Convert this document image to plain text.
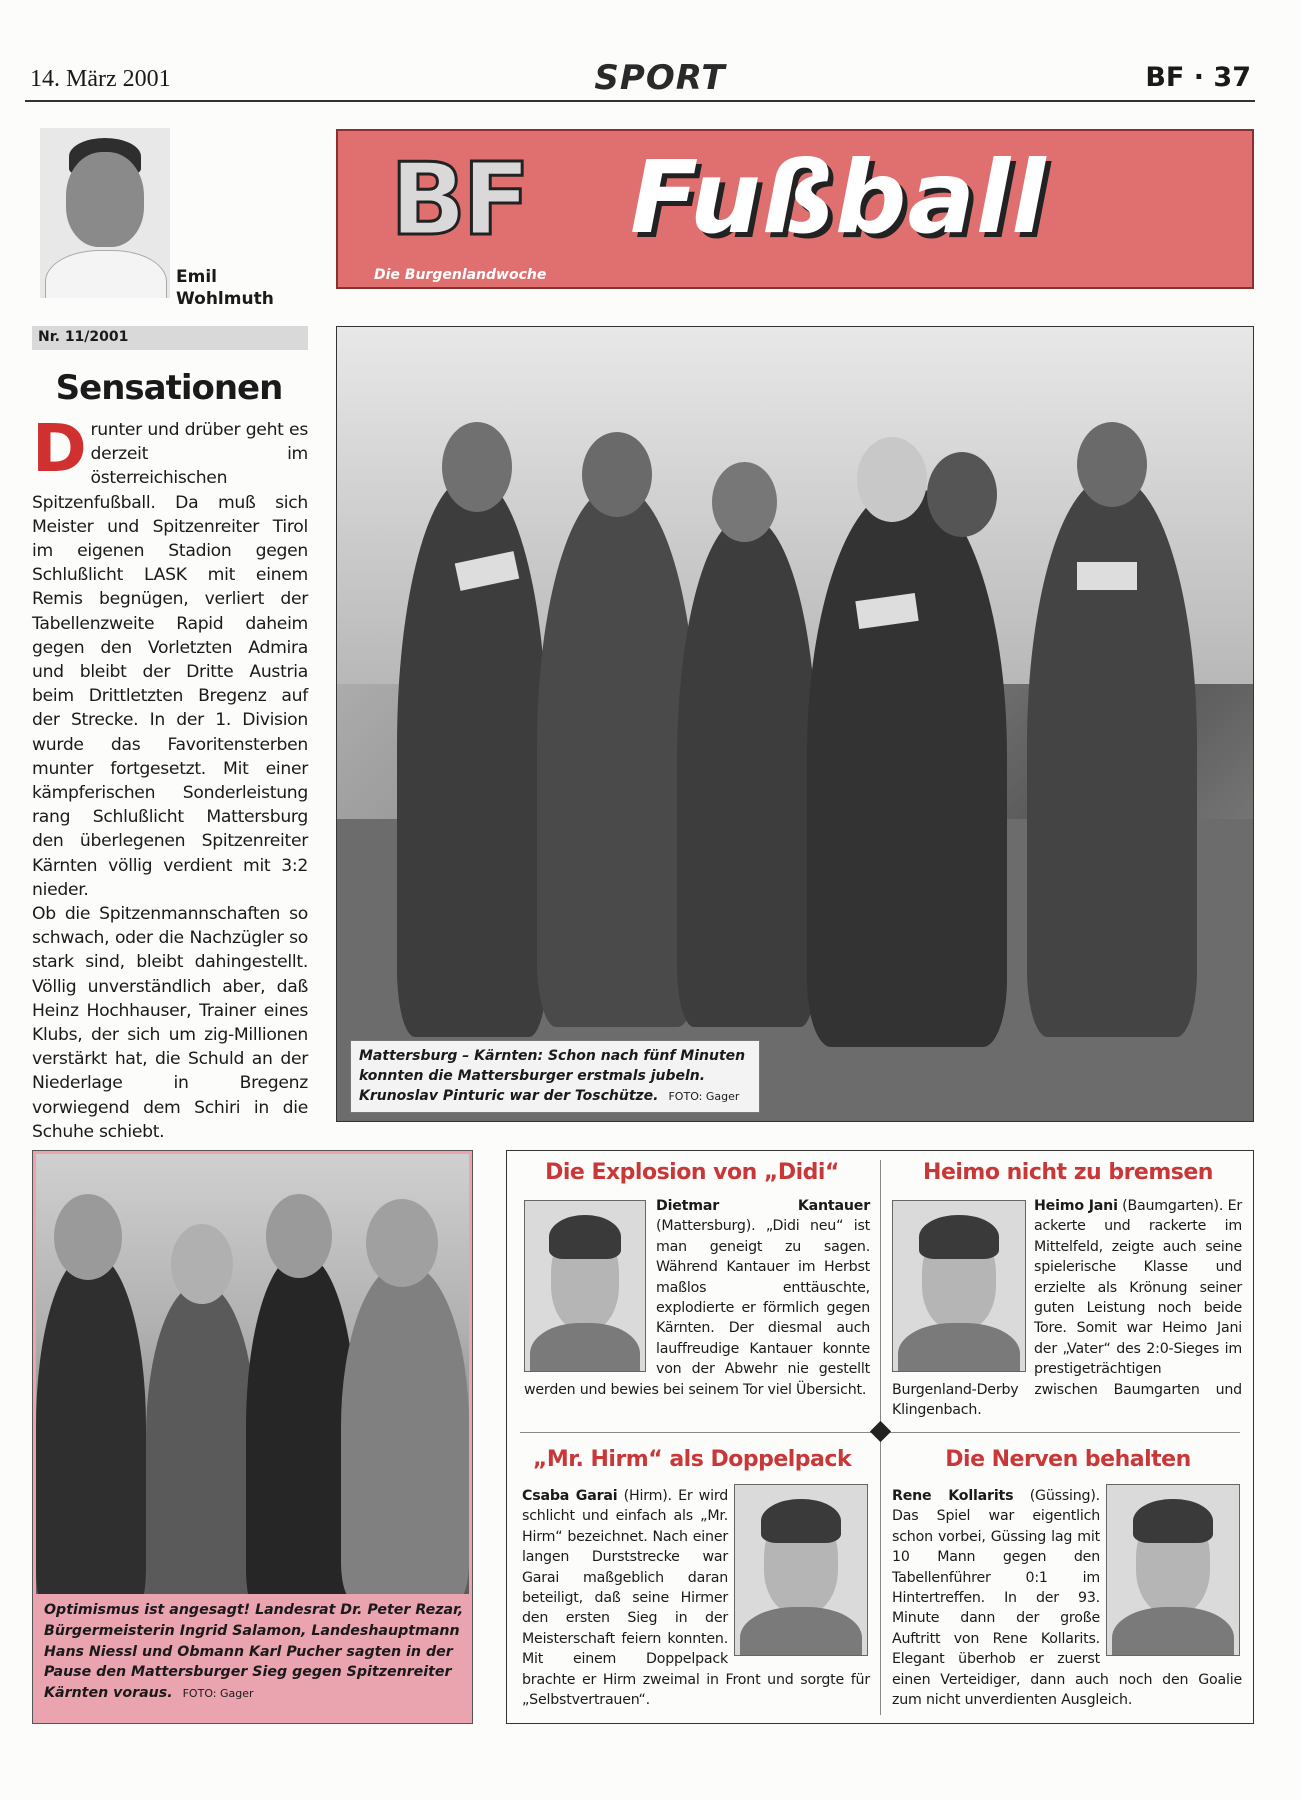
14. März 2001	SPORT	BF · 37
Emil
Wohlmuth
Nr. 11/2001
BF	Fußball
Die Burgenlandwoche
Sensationen
Drunter und drüber geht es derzeit im österreichischen Spitzenfußball. Da muß sich Meister und Spitzenreiter Tirol im eigenen Stadion gegen Schlußlicht LASK mit einem Remis begnügen, verliert der Tabellenzweite Rapid daheim gegen den Vorletzten Admira und bleibt der Dritte Austria beim Drittletzten Bregenz auf der Strecke. In der 1. Division wurde das Favoritensterben munter fortgesetzt. Mit einer kämpferischen Sonderleistung rang Schlußlicht Mattersburg den überlegenen Spitzenreiter Kärnten völlig verdient mit 3:2 nieder.
Ob die Spitzenmannschaften so schwach, oder die Nachzügler so stark sind, bleibt dahingestellt. Völlig unverständlich aber, daß Heinz Hochhauser, Trainer eines Klubs, der sich um zig-Millionen verstärkt hat, die Schuld an der Niederlage in Bregenz vorwiegend dem Schiri in die Schuhe schiebt.
Mattersburg – Kärnten: Schon nach fünf Minuten konnten die Mattersburger erstmals jubeln. Krunoslav Pinturic war der Toschütze. FOTO: Gager
Optimismus ist angesagt! Landesrat Dr. Peter Rezar, Bürgermeisterin Ingrid Salamon, Landeshauptmann Hans Niessl und Obmann Karl Pucher sagten in der Pause den Mattersburger Sieg gegen Spitzenreiter Kärnten voraus. FOTO: Gager
Die Explosion von „Didi“
Dietmar Kantauer (Mattersburg). „Didi neu“ ist man geneigt zu sagen. Während Kantauer im Herbst maßlos enttäuschte, explodierte er förmlich gegen Kärnten. Der diesmal auch lauffreudige Kantauer konnte von der Abwehr nie gestellt werden und bewies bei seinem Tor viel Übersicht.
Heimo nicht zu bremsen
Heimo Jani (Baumgarten). Er ackerte und rackerte im Mittelfeld, zeigte auch seine spielerische Klasse und erzielte als Krönung seiner guten Leistung noch beide Tore. Somit war Heimo Jani der „Vater“ des 2:0-Sieges im prestigeträchtigen Burgenland-Derby zwischen Baumgarten und Klingenbach.
„Mr. Hirm“ als Doppelpack
Csaba Garai (Hirm). Er wird schlicht und einfach als „Mr. Hirm“ bezeichnet. Nach einer langen Durststrecke war Garai maßgeblich daran beteiligt, daß seine Hirmer den ersten Sieg in der Meisterschaft feiern konnten. Mit einem Doppelpack brachte er Hirm zweimal in Front und sorgte für „Selbstvertrauen“.
Die Nerven behalten
Rene Kollarits (Güssing). Das Spiel war eigentlich schon vorbei, Güssing lag mit 10 Mann gegen den Tabellenführer 0:1 im Hintertreffen. In der 93. Minute dann der große Auftritt von Rene Kollarits. Elegant überhob er zuerst einen Verteidiger, dann auch noch den Goalie zum nicht unverdienten Ausgleich.
